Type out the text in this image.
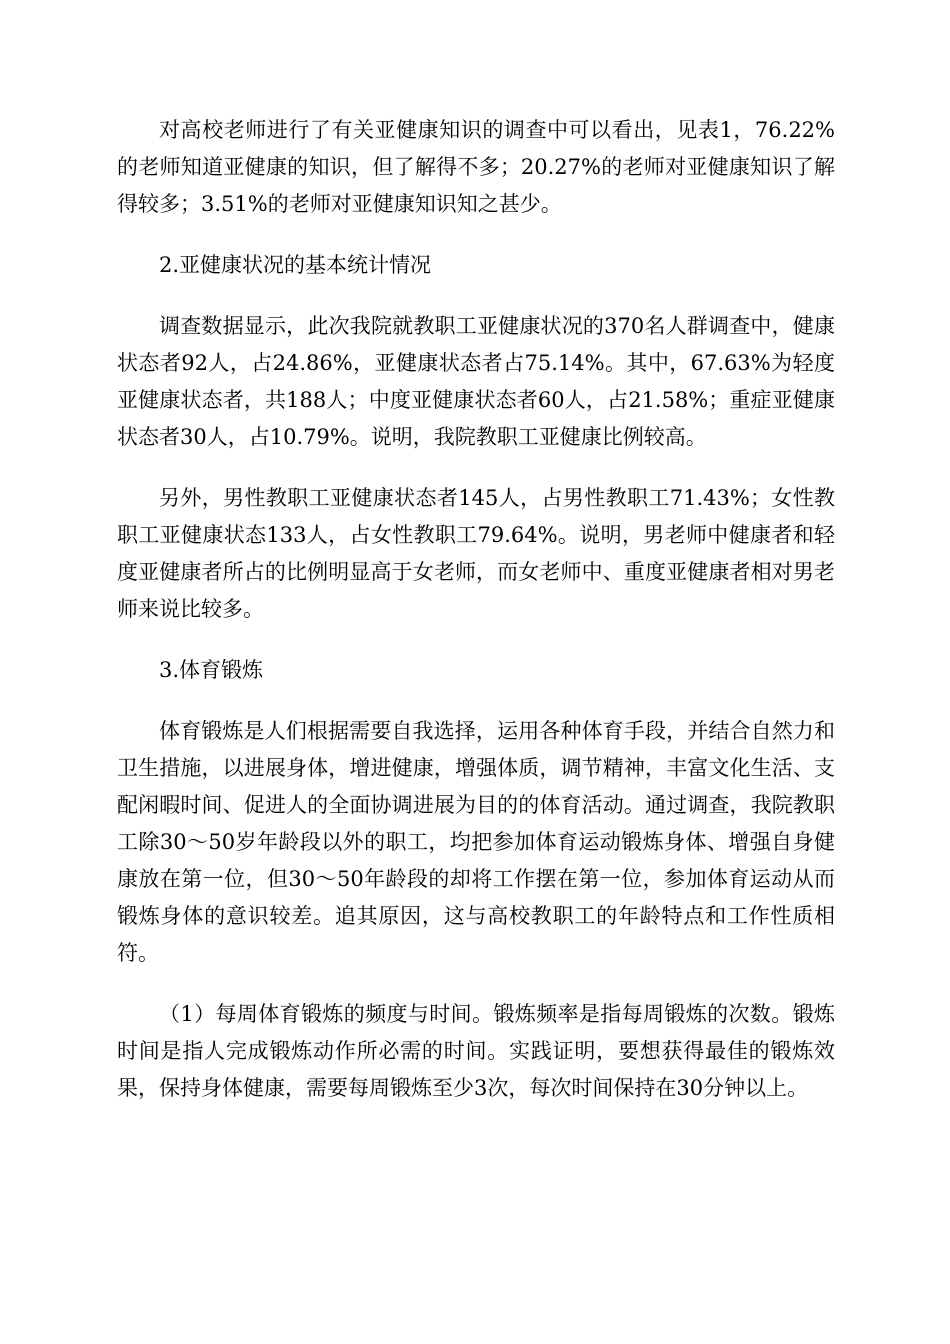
对高校老师进行了有关亚健康知识的调查中可以看出，见表1，76.22%的老师知道亚健康的知识，但了解得不多；20.27%的老师对亚健康知识了解得较多；3.51%的老师对亚健康知识知之甚少。

2.亚健康状况的基本统计情况

调查数据显示，此次我院就教职工亚健康状况的370名人群调查中，健康状态者92人，占24.86%，亚健康状态者占75.14%。其中，67.63%为轻度亚健康状态者，共188人；中度亚健康状态者60人，占21.58%；重症亚健康状态者30人，占10.79%。说明，我院教职工亚健康比例较高。

另外，男性教职工亚健康状态者145人，占男性教职工71.43%；女性教职工亚健康状态133人，占女性教职工79.64%。说明，男老师中健康者和轻度亚健康者所占的比例明显高于女老师，而女老师中、重度亚健康者相对男老师来说比较多。

3.体育锻炼

体育锻炼是人们根据需要自我选择，运用各种体育手段，并结合自然力和卫生措施，以进展身体，增进健康，增强体质，调节精神，丰富文化生活、支配闲暇时间、促进人的全面协调进展为目的的体育活动。通过调查，我院教职工除30～50岁年龄段以外的职工，均把参加体育运动锻炼身体、增强自身健康放在第一位，但30～50年龄段的却将工作摆在第一位，参加体育运动从而锻炼身体的意识较差。追其原因，这与高校教职工的年龄特点和工作性质相符。

（1）每周体育锻炼的频度与时间。锻炼频率是指每周锻炼的次数。锻炼时间是指人完成锻炼动作所必需的时间。实践证明，要想获得最佳的锻炼效果，保持身体健康，需要每周锻炼至少3次，每次时间保持在30分钟以上。
